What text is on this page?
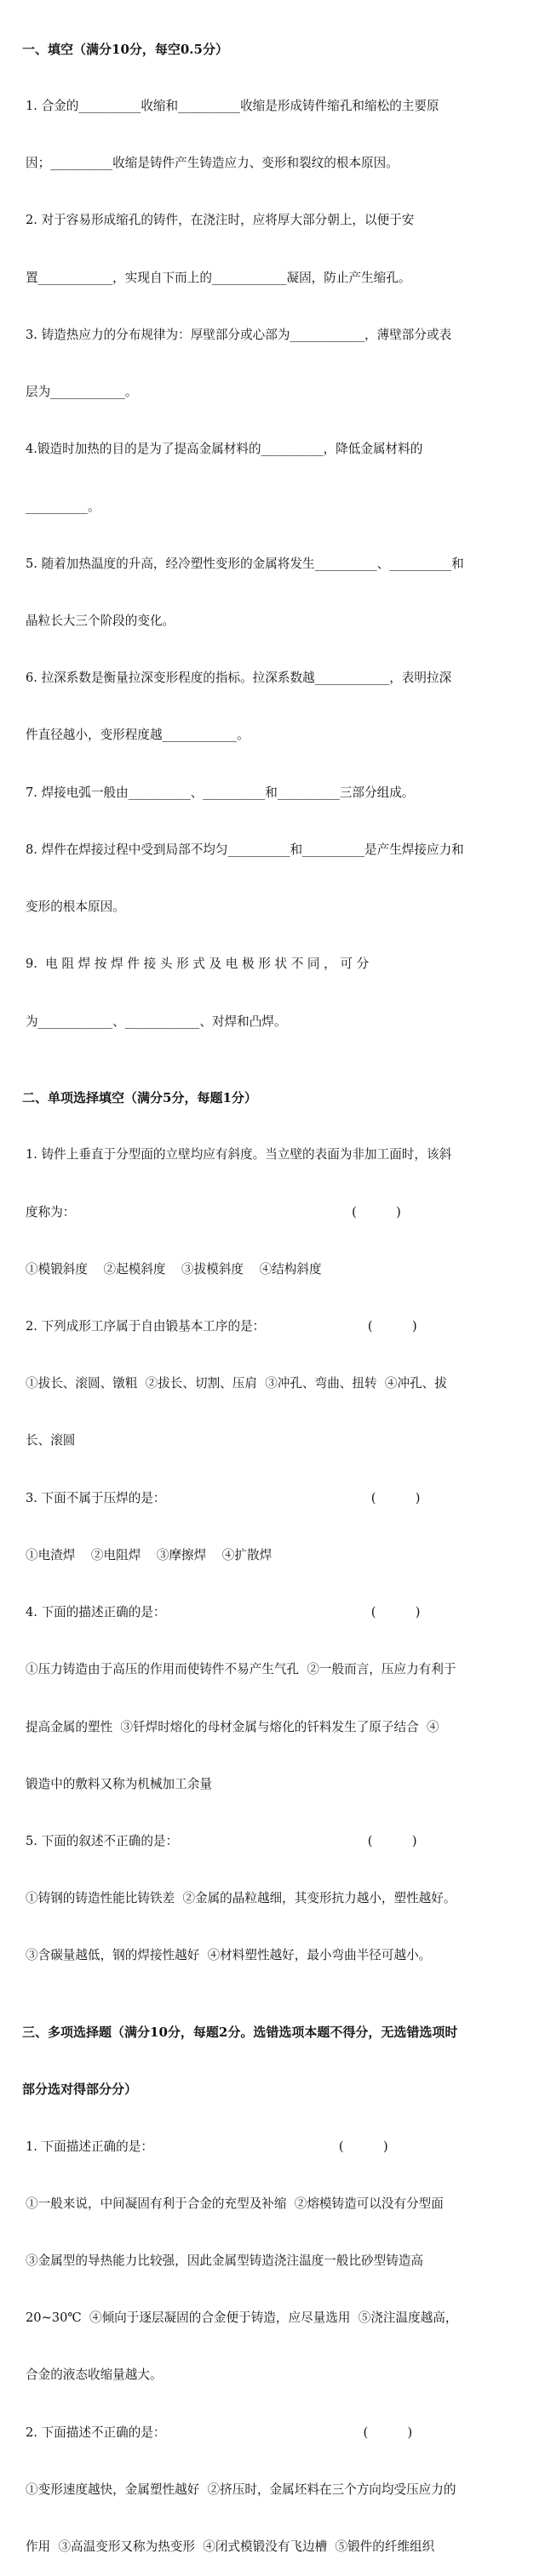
一、填空（满分10分，每空0.5分）

1. 合金的__________收缩和__________收缩是形成铸件缩孔和缩松的主要原

因；__________收缩是铸件产生铸造应力、变形和裂纹的根本原因。

2. 对于容易形成缩孔的铸件，在浇注时，应将厚大部分朝上，以便于安

置____________，实现自下而上的____________凝固，防止产生缩孔。

3. 铸造热应力的分布规律为：厚壁部分或心部为____________，薄壁部分或表

层为____________。

4.锻造时加热的目的是为了提高金属材料的__________，降低金属材料的

__________。

5. 随着加热温度的升高，经冷塑性变形的金属将发生__________、__________和

晶粒长大三个阶段的变化。

6. 拉深系数是衡量拉深变形程度的指标。拉深系数越____________，表明拉深

件直径越小，变形程度越____________。

7. 焊接电弧一般由__________、__________和__________三部分组成。

8. 焊件在焊接过程中受到局部不均匀__________和__________是产生焊接应力和

变形的根本原因。

9.  电 阻 焊 按 焊 件 接 头 形 式 及 电 极 形 状 不 同 ， 可 分

为____________、____________、对焊和凸焊。

二、单项选择填空（满分5分，每题1分）

1. 铸件上垂直于分型面的立壁均应有斜度。当立壁的表面为非加工面时，该斜

度称为：                                                                      (          )

①模锻斜度    ②起模斜度    ③拔模斜度    ④结构斜度

2. 下列成形工序属于自由锻基本工序的是：                          (          )

①拔长、滚圆、镦粗  ②拔长、切割、压肩  ③冲孔、弯曲、扭转  ④冲孔、拔

长、滚圆

3. 下面不属于压焊的是：                                                    (          )

①电渣焊    ②电阻焊    ③摩擦焊    ④扩散焊

4. 下面的描述正确的是：                                                    (          )

①压力铸造由于高压的作用而使铸件不易产生气孔  ②一般而言，压应力有利于

提高金属的塑性  ③钎焊时熔化的母材金属与熔化的钎料发生了原子结合  ④

锻造中的敷料又称为机械加工余量

5. 下面的叙述不正确的是：                                                (          )

①铸钢的铸造性能比铸铁差  ②金属的晶粒越细，其变形抗力越小，塑性越好。

③含碳量越低，钢的焊接性越好  ④材料塑性越好，最小弯曲半径可越小。

三、多项选择题（满分10分，每题2分。选错选项本题不得分，无选错选项时

部分选对得部分分）

1. 下面描述正确的是：                                               (          )

①一般来说，中间凝固有利于合金的充型及补缩  ②熔模铸造可以没有分型面

③金属型的导热能力比较强，因此金属型铸造浇注温度一般比砂型铸造高

20~30℃  ④倾向于逐层凝固的合金便于铸造，应尽量选用  ⑤浇注温度越高，

合金的液态收缩量越大。

2. 下面描述不正确的是：                                                  (          )

①变形速度越快，金属塑性越好  ②挤压时，金属坯料在三个方向均受压应力的

作用  ③高温变形又称为热变形  ④闭式模锻没有飞边槽  ⑤锻件的纤维组织
